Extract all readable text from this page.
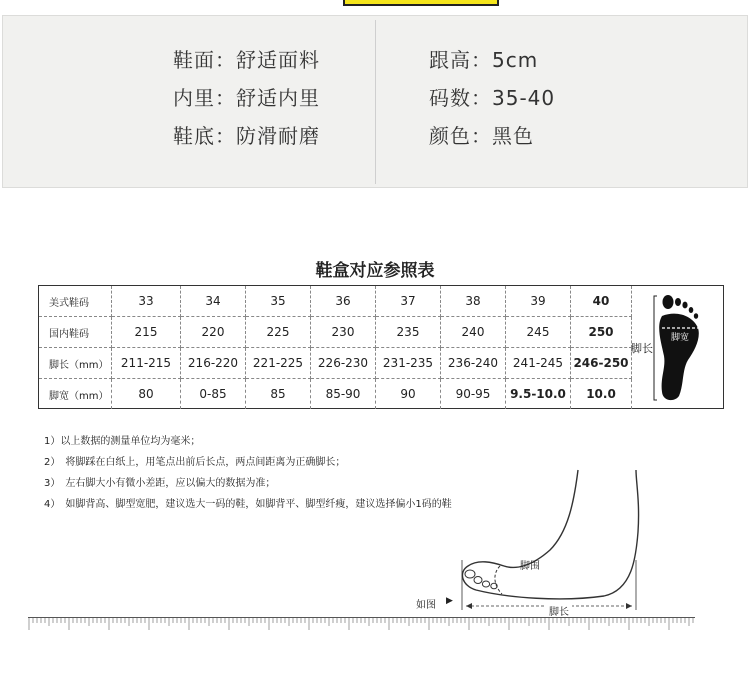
鞋面：舒适面料
内里：舒适内里
鞋底：防滑耐磨
跟高：5cm
码数：35-40
颜色：黑色
鞋盒对应参照表
美式鞋码	33	34	35	36	37	38	39	40
国内鞋码	215	220	225	230	235	240	245	250
脚长（mm）	211-215	216-220	221-225	226-230	231-235	236-240	241-245	246-250
脚宽（mm）	80	0-85	85	85-90	90	90-95	9.5-10.0	10.0
脚长
脚宽
1）以上数据的测量单位均为毫米；
2）　将脚踩在白纸上，用笔点出前后长点，两点间距离为正确脚长；
3）　左右脚大小有微小差距，应以偏大的数据为准；
4）　如脚背高、脚型宽肥，建议选大一码的鞋，如脚背平、脚型纤瘦，建议选择偏小1码的鞋
脚围
如图 ▶
脚长
